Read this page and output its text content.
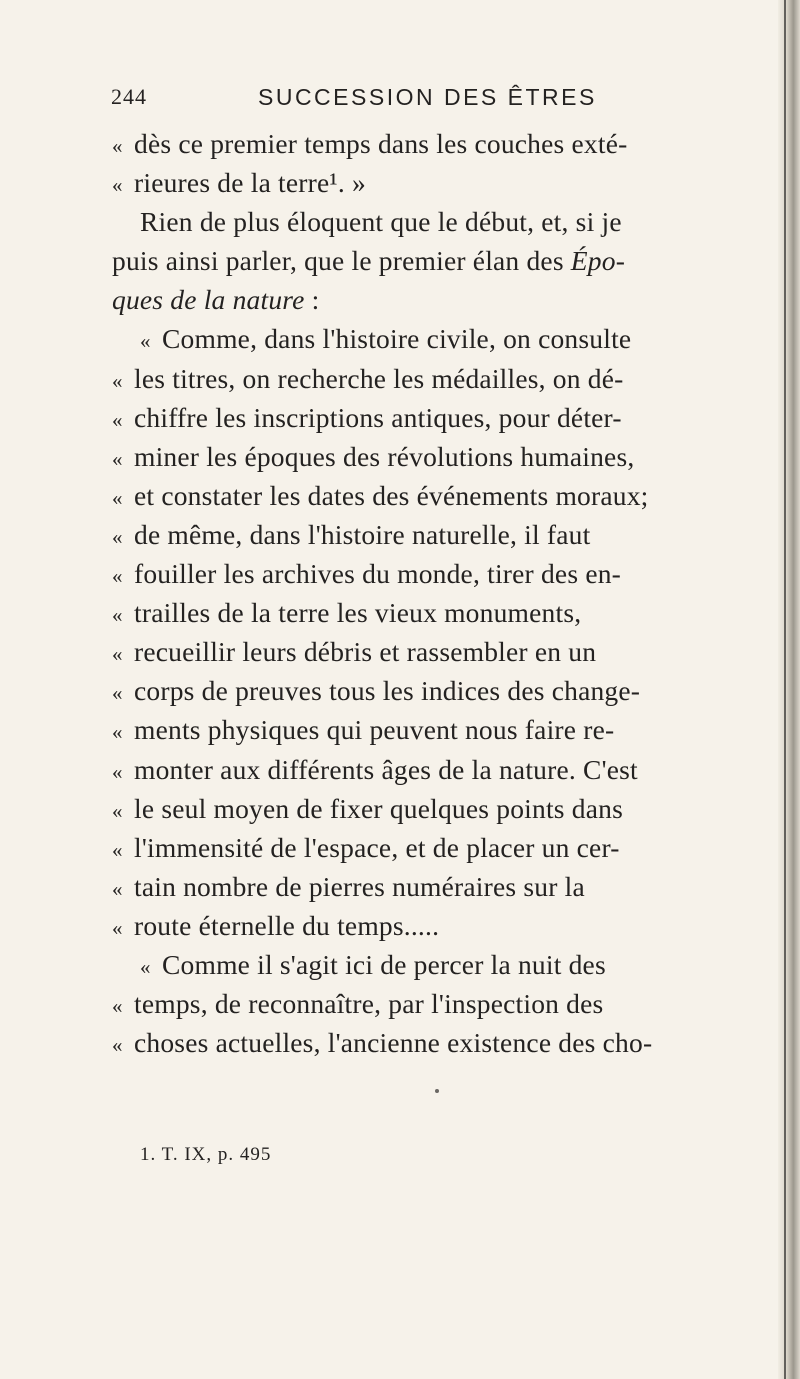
244	SUCCESSION DES ÊTRES
« dès ce premier temps dans les couches exté-
« rieures de la terre¹. »
Rien de plus éloquent que le début, et, si je
puis ainsi parler, que le premier élan des Épo-
ques de la nature :
« Comme, dans l'histoire civile, on consulte
« les titres, on recherche les médailles, on dé-
« chiffre les inscriptions antiques, pour déter-
« miner les époques des révolutions humaines,
« et constater les dates des événements moraux;
« de même, dans l'histoire naturelle, il faut
« fouiller les archives du monde, tirer des en-
« trailles de la terre les vieux monuments,
« recueillir leurs débris et rassembler en un
« corps de preuves tous les indices des change-
« ments physiques qui peuvent nous faire re-
« monter aux différents âges de la nature. C'est
« le seul moyen de fixer quelques points dans
« l'immensité de l'espace, et de placer un cer-
« tain nombre de pierres numéraires sur la
« route éternelle du temps.....
« Comme il s'agit ici de percer la nuit des
« temps, de reconnaître, par l'inspection des
« choses actuelles, l'ancienne existence des cho-
1. T. IX, p. 495
